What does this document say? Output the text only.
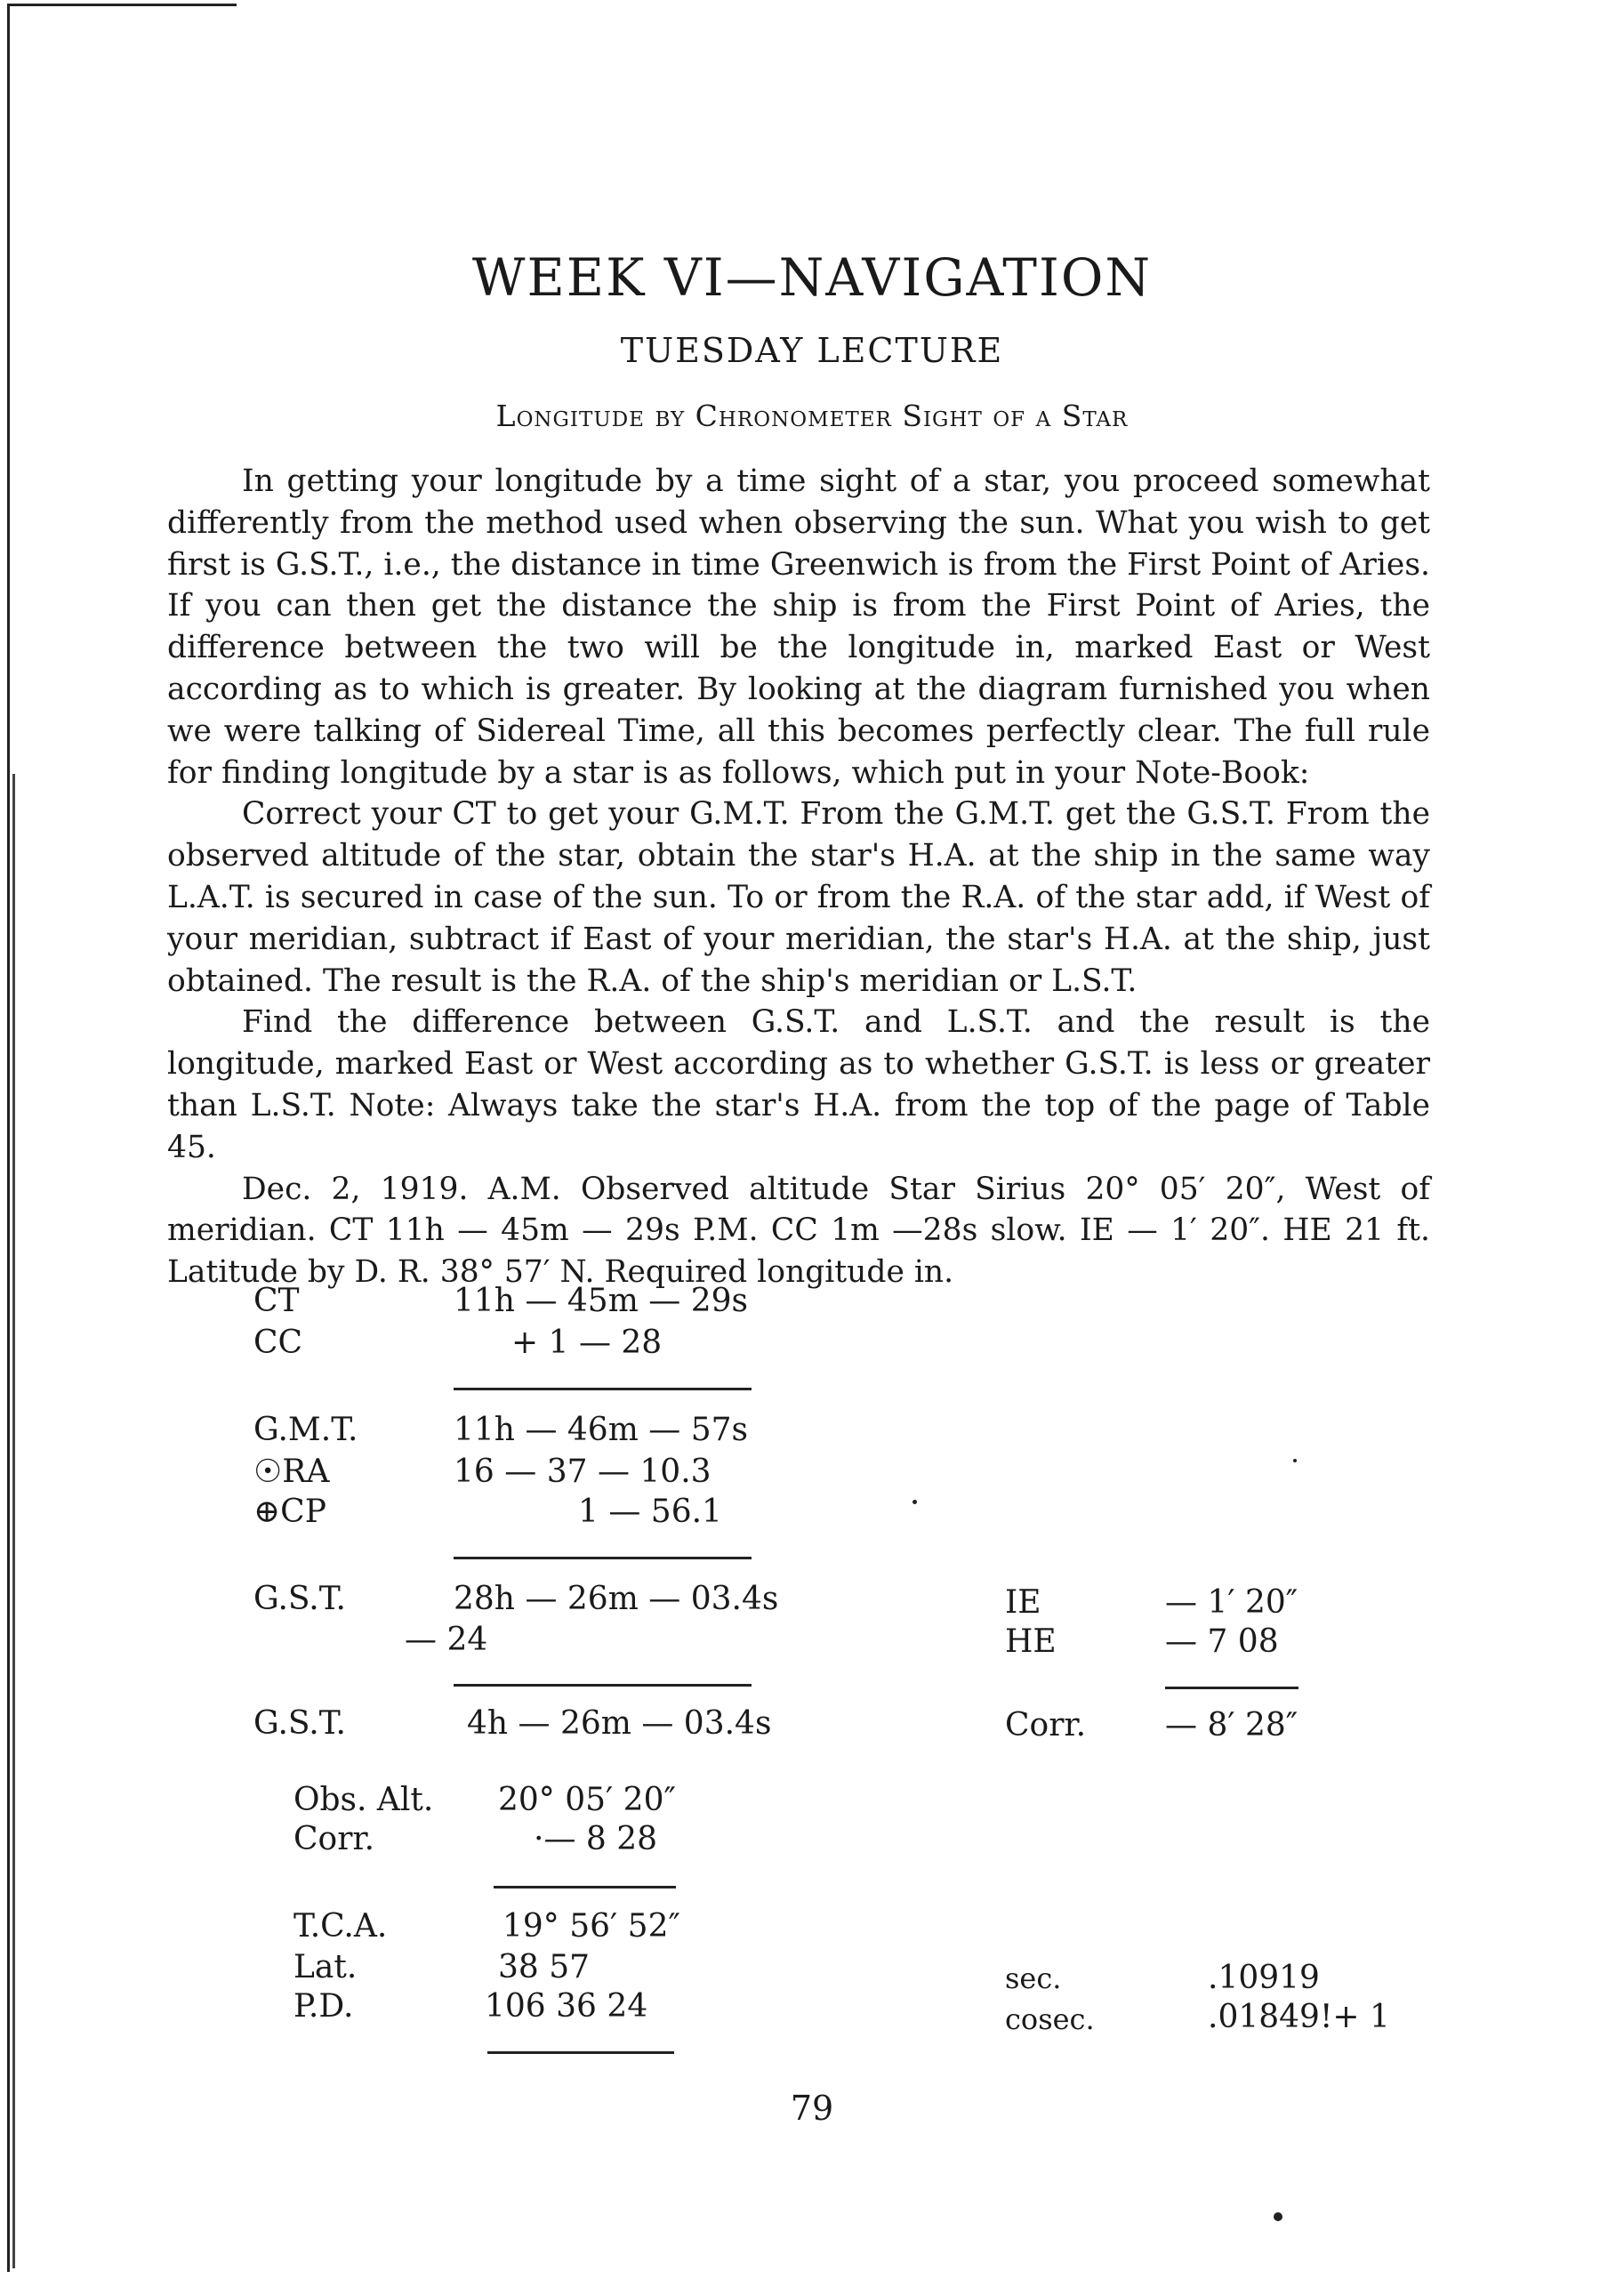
WEEK VI—NAVIGATION
TUESDAY LECTURE
Longitude by Chronometer Sight of a Star

In getting your longitude by a time sight of a star, you proceed somewhat differently from the method used when observing the sun. What you wish to get first is G.S.T., i.e., the distance in time Greenwich is from the First Point of Aries. If you can then get the distance the ship is from the First Point of Aries, the difference between the two will be the longitude in, marked East or West according as to which is greater. By looking at the diagram furnished you when we were talking of Sidereal Time, all this becomes perfectly clear. The full rule for finding longitude by a star is as follows, which put in your Note-Book:

Correct your CT to get your G.M.T. From the G.M.T. get the G.S.T. From the observed altitude of the star, obtain the star's H.A. at the ship in the same way L.A.T. is secured in case of the sun. To or from the R.A. of the star add, if West of your meridian, subtract if East of your meridian, the star's H.A. at the ship, just obtained. The result is the R.A. of the ship's meridian or L.S.T.

Find the difference between G.S.T. and L.S.T. and the result is the longitude, marked East or West according as to whether G.S.T. is less or greater than L.S.T. Note: Always take the star's H.A. from the top of the page of Table 45.

Dec. 2, 1919. A.M. Observed altitude Star Sirius 20° 05′ 20″, West of meridian. CT 11h — 45m — 29s P.M. CC 1m —28s slow. IE — 1′ 20″. HE 21 ft. Latitude by D. R. 38° 57′ N. Required longitude in.

CT	11h — 45m — 29s
CC	+ 1 — 28
G.M.T.	11h — 46m — 57s
☉RA	16 — 37 — 10.3
⊕CP	1 — 56.1
G.S.T.	28h — 26m — 03.4s
— 24
G.S.T.	4h — 26m — 03.4s
Obs. Alt. 20° 05′ 20″
Corr.	·— 8 28
T.C.A.	19° 56′ 52″
Lat.	38 57
P.D.	106 36 24
IE	— 1′ 20″
HE	— 7 08
Corr. — 8′ 28″
sec.	.10919
cosec.	.01849!+ 1
79
